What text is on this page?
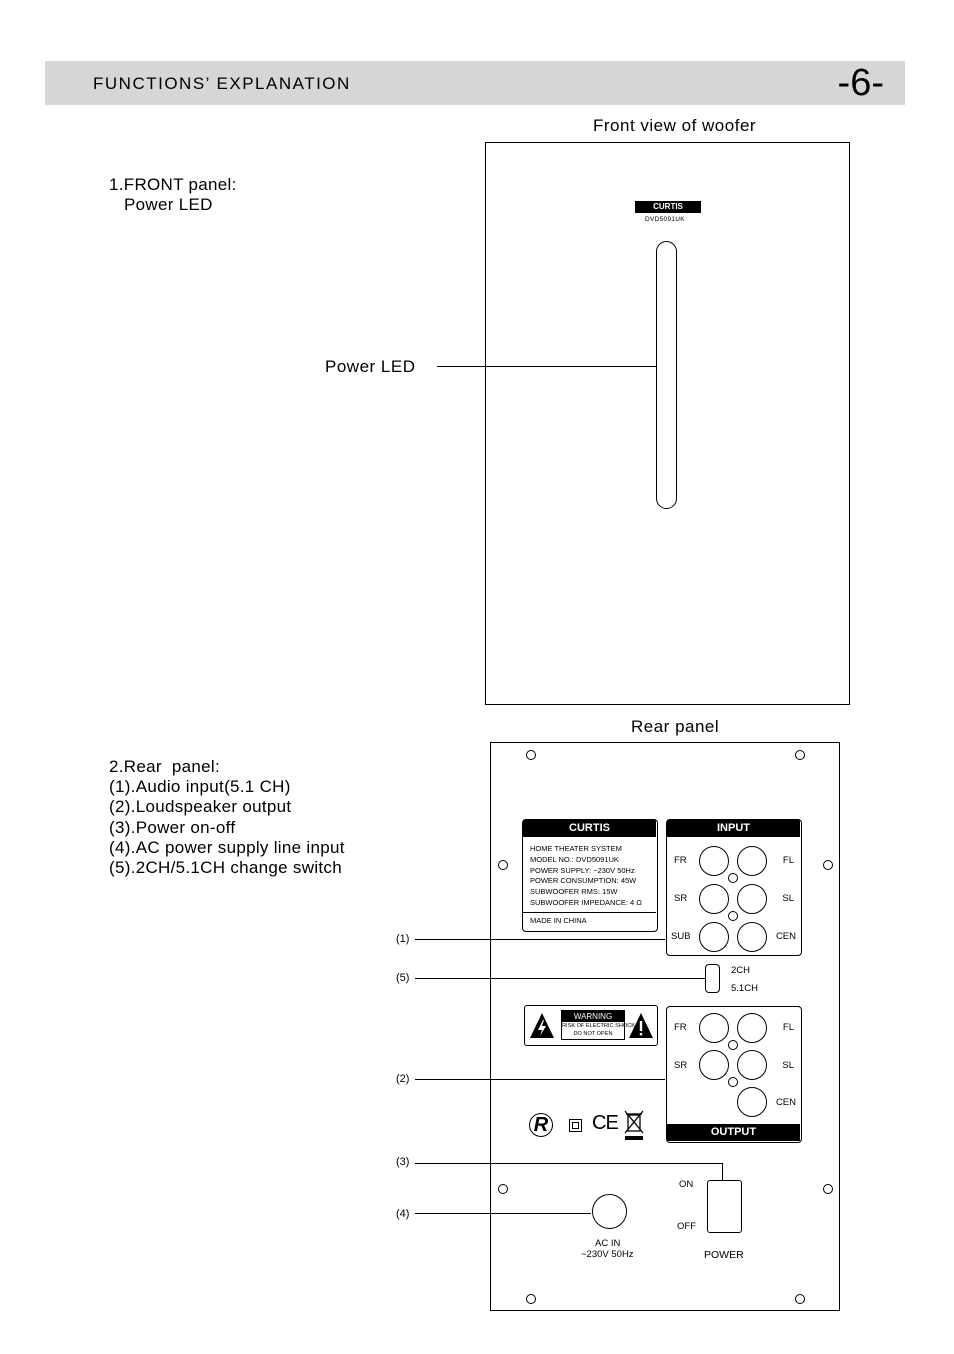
FUNCTIONS’ EXPLANATION	-6-
Front view of woofer
1.FRONT panel:
Power LED	CURTIS
DVD5091UK
Power LED
Rear panel
2.Rear  panel:
(1).Audio input(5.1 CH)
(2).Loudspeaker output
(3).Power on-off
(4).AC power supply line input
(5).2CH/5.1CH change switch
(1)
(5)
(2)
(3)
(4)
CURTIS
HOME THEATER SYSTEM
MODEL NO.: DVD5091UK
POWER SUPPLY: ~230V 50Hz
POWER CONSUMPTION: 45W
SUBWOOFER RMS: 15W
SUBWOOFER IMPEDANCE: 4 Ω
MADE IN CHINA
INPUT
FR	FL
SR	SL
SUB	CEN
2CH
5.1CH
WARNING
RISK OF ELECTRIC SHOCK
DO NOT OPEN
FR	FL
SR	SL
CEN
OUTPUT
R CE
AC IN
~230V 50Hz
ON
OFF
POWER
